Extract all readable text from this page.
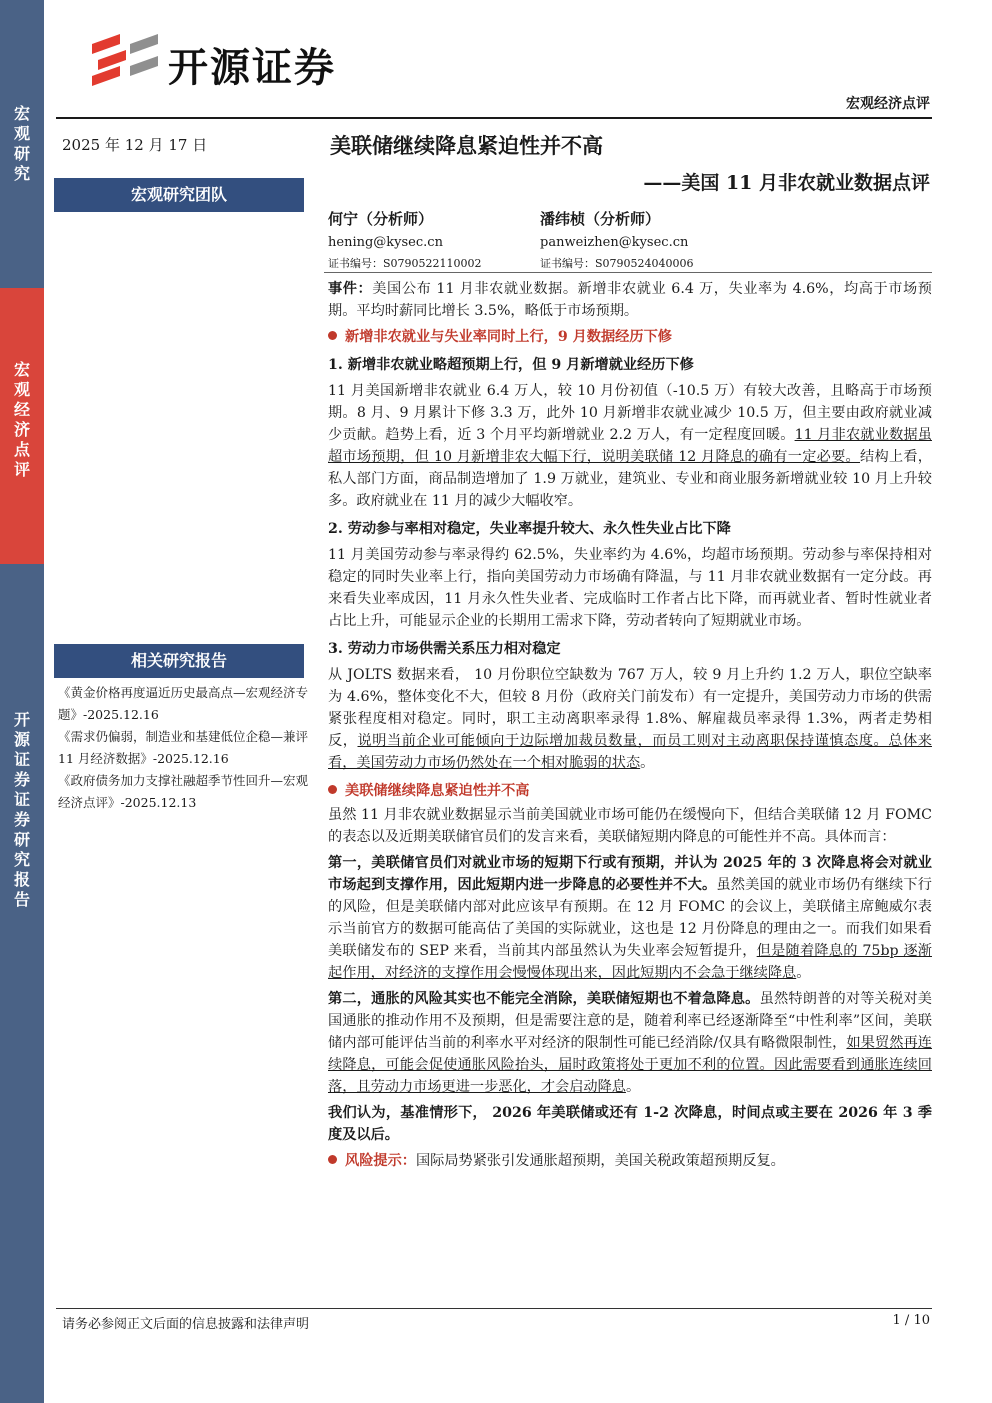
宏观研究
宏观经济点评
开源证券 证券研究报告
开源证券
宏观经济点评
2025 年 12 月 17 日	美联储继续降息紧迫性并不高
——美国 11 月非农就业数据点评
宏观研究团队
何宁（分析师）
hening@kysec.cn
证书编号：S0790522110002
潘纬桢（分析师）
panweizhen@kysec.cn
证书编号：S0790524040006
相关研究报告
《黄金价格再度逼近历史最高点—宏观经济专题》-2025.12.16
《需求仍偏弱，制造业和基建低位企稳—兼评 11 月经济数据》-2025.12.16
《政府债务加力支撑社融超季节性回升—宏观经济点评》-2025.12.13

事件：美国公布 11 月非农就业数据。新增非农就业 6.4 万，失业率为 4.6%，均高于市场预期。平均时薪同比增长 3.5%，略低于市场预期。

新增非农就业与失业率同时上行，9 月数据经历下修
1. 新增非农就业略超预期上行，但 9 月新增就业经历下修

11 月美国新增非农就业 6.4 万人，较 10 月份初值（-10.5 万）有较大改善，且略高于市场预期。8 月、9 月累计下修 3.3 万，此外 10 月新增非农就业减少 10.5 万，但主要由政府就业减少贡献。趋势上看，近 3 个月平均新增就业 2.2 万人，有一定程度回暖。11 月非农就业数据虽超市场预期，但 10 月新增非农大幅下行，说明美联储 12 月降息的确有一定必要。结构上看，私人部门方面，商品制造增加了 1.9 万就业，建筑业、专业和商业服务新增就业较 10 月上升较多。政府就业在 11 月的减少大幅收窄。

2. 劳动参与率相对稳定，失业率提升较大、永久性失业占比下降

11 月美国劳动参与率录得约 62.5%，失业率约为 4.6%，均超市场预期。劳动参与率保持相对稳定的同时失业率上行，指向美国劳动力市场确有降温，与 11 月非农就业数据有一定分歧。再来看失业率成因，11 月永久性失业者、完成临时工作者占比下降，而再就业者、暂时性就业者占比上升，可能显示企业的长期用工需求下降，劳动者转向了短期就业市场。

3. 劳动力市场供需关系压力相对稳定

从 JOLTS 数据来看， 10 月份职位空缺数为 767 万人，较 9 月上升约 1.2 万人，职位空缺率为 4.6%，整体变化不大，但较 8 月份（政府关门前发布）有一定提升，美国劳动力市场的供需紧张程度相对稳定。同时，职工主动离职率录得 1.8%、解雇裁员率录得 1.3%，两者走势相反，说明当前企业可能倾向于边际增加裁员数量，而员工则对主动离职保持谨慎态度。总体来看，美国劳动力市场仍然处在一个相对脆弱的状态。

美联储继续降息紧迫性并不高

虽然 11 月非农就业数据显示当前美国就业市场可能仍在缓慢向下，但结合美联储 12 月 FOMC 的表态以及近期美联储官员们的发言来看，美联储短期内降息的可能性并不高。具体而言：

第一，美联储官员们对就业市场的短期下行或有预期，并认为 2025 年的 3 次降息将会对就业市场起到支撑作用，因此短期内进一步降息的必要性并不大。虽然美国的就业市场仍有继续下行的风险，但是美联储内部对此应该早有预期。在 12 月 FOMC 的会议上，美联储主席鲍威尔表示当前官方的数据可能高估了美国的实际就业，这也是 12 月份降息的理由之一。而我们如果看美联储发布的 SEP 来看，当前其内部虽然认为失业率会短暂提升，但是随着降息的 75bp 逐渐起作用，对经济的支撑作用会慢慢体现出来，因此短期内不会急于继续降息。

第二，通胀的风险其实也不能完全消除，美联储短期也不着急降息。虽然特朗普的对等关税对美国通胀的推动作用不及预期，但是需要注意的是，随着利率已经逐渐降至“中性利率”区间，美联储内部可能评估当前的利率水平对经济的限制性可能已经消除/仅具有略微限制性，如果贸然再连续降息，可能会促使通胀风险抬头，届时政策将处于更加不利的位置。因此需要看到通胀连续回落，且劳动力市场更进一步恶化，才会启动降息。

我们认为，基准情形下， 2026 年美联储或还有 1-2 次降息，时间点或主要在 2026 年 3 季度及以后。

风险提示：国际局势紧张引发通胀超预期，美国关税政策超预期反复。
请务必参阅正文后面的信息披露和法律声明	1 / 10
